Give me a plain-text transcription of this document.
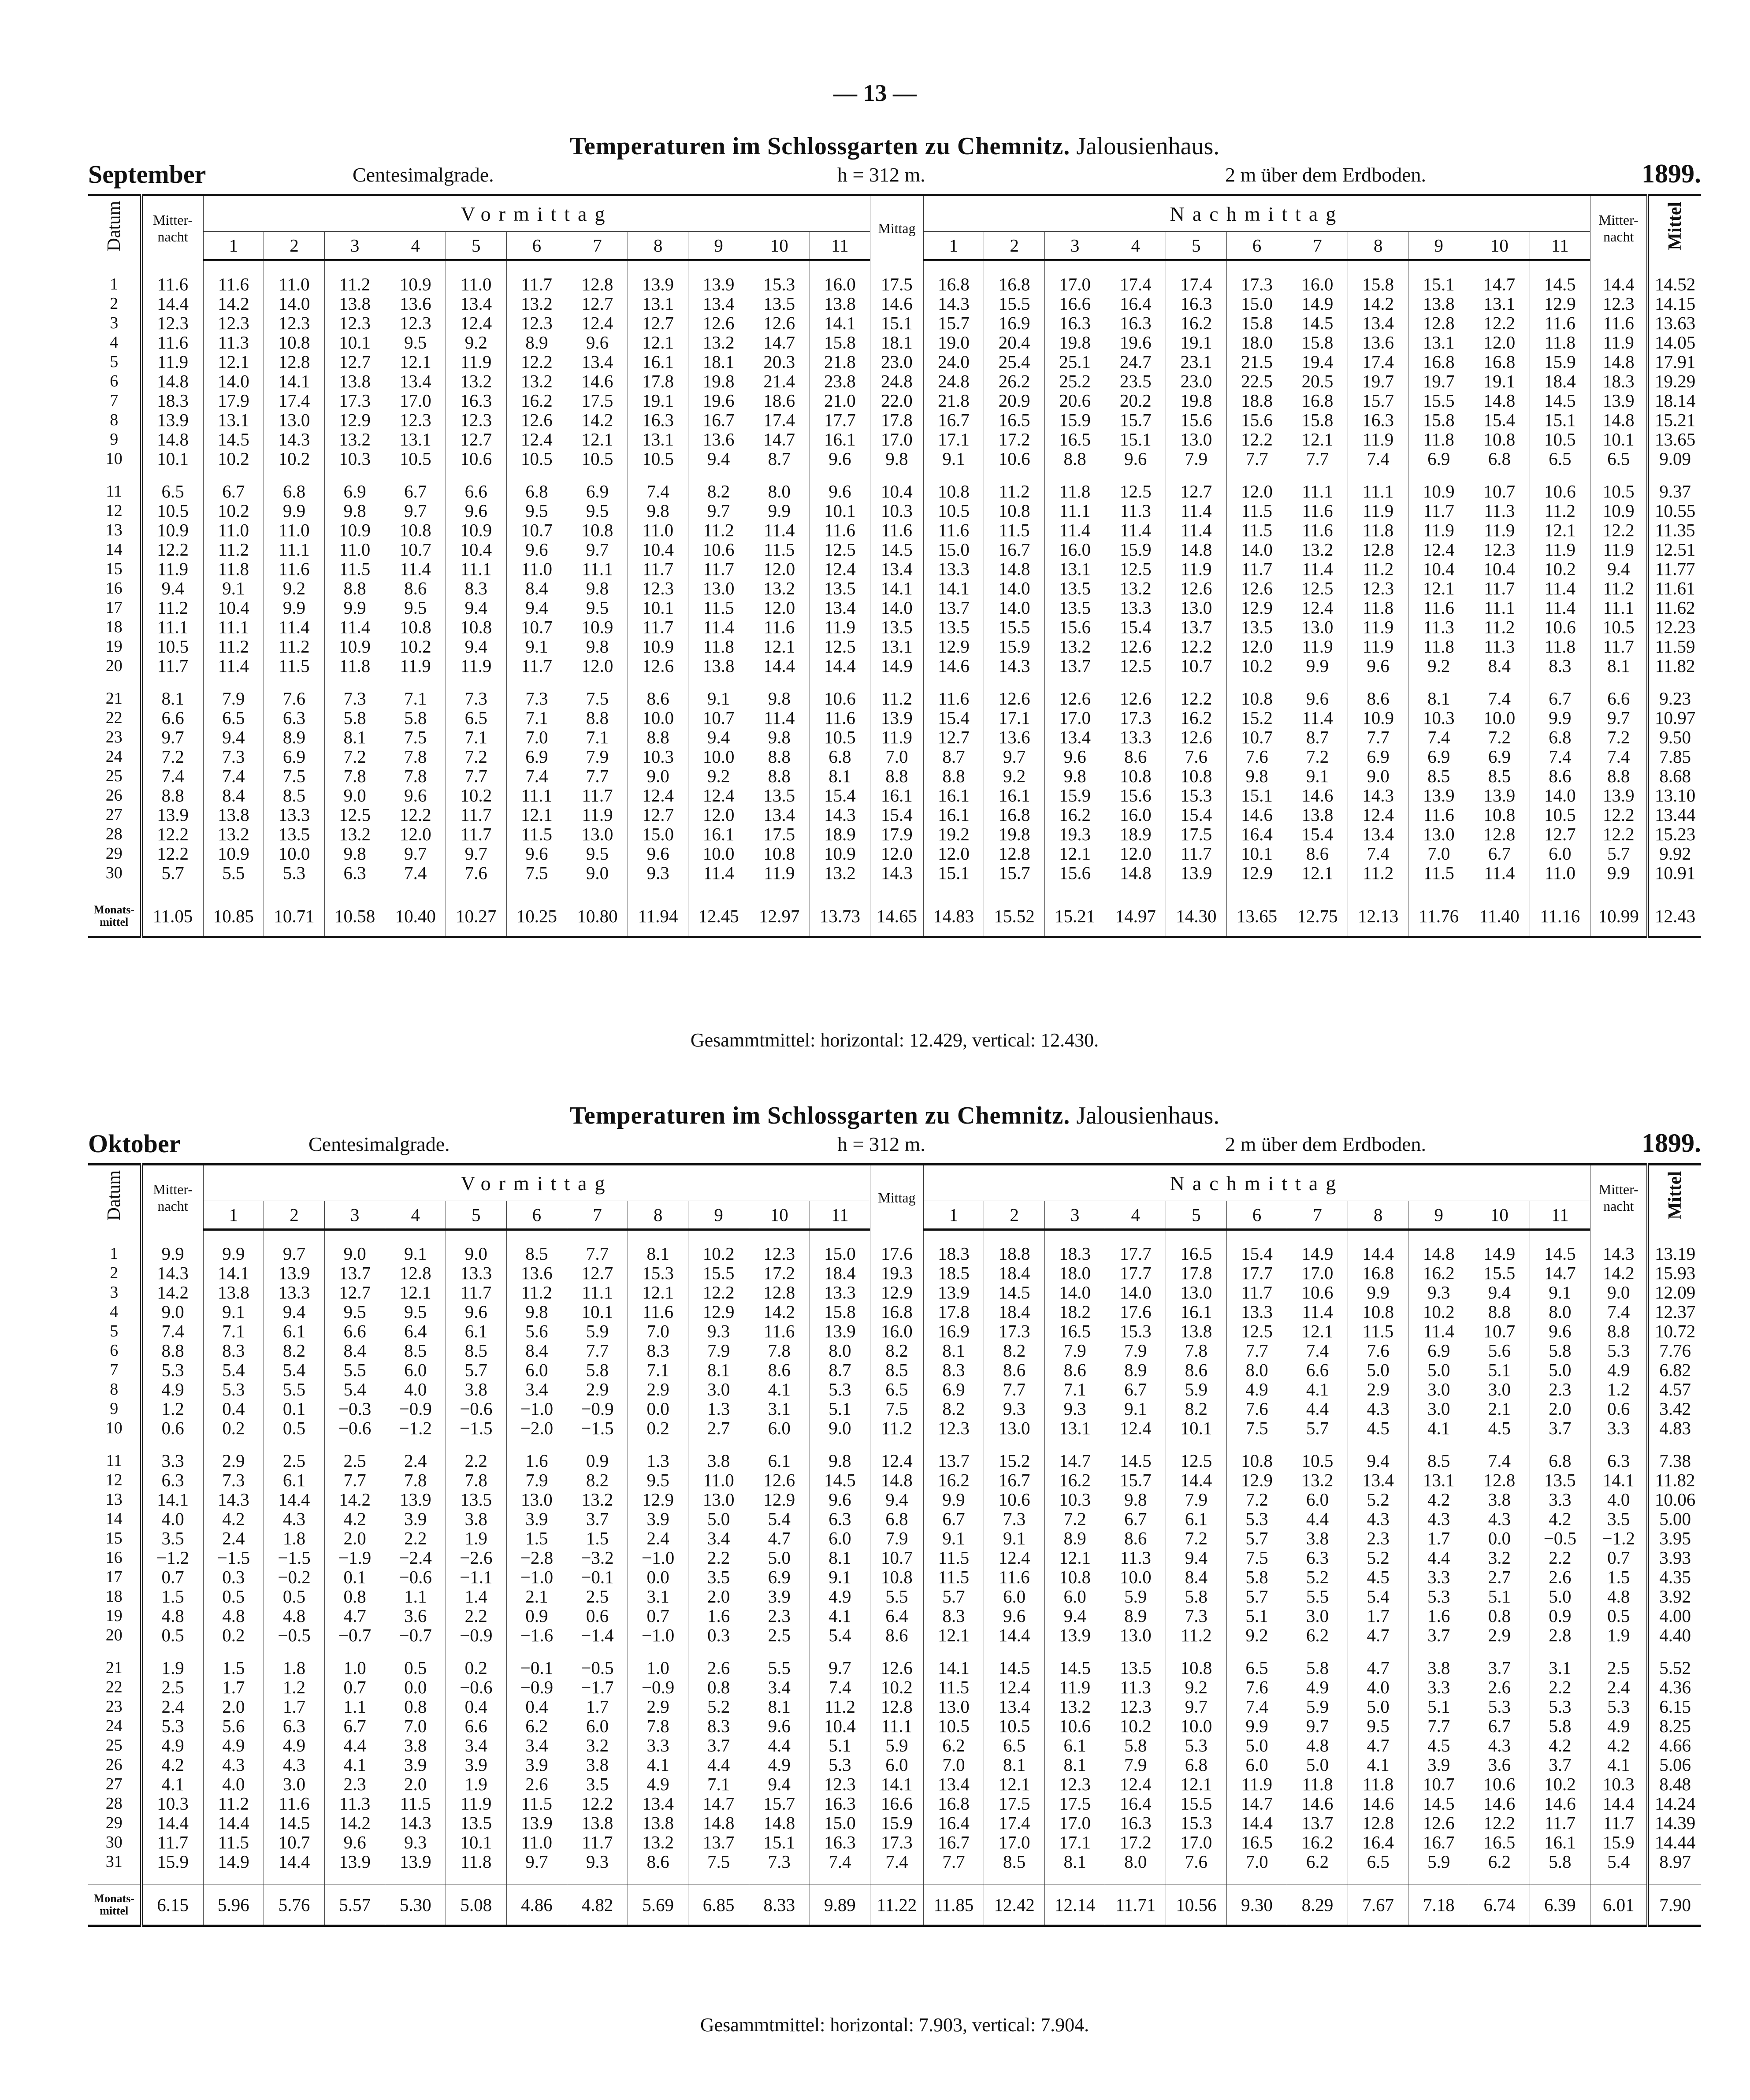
— 13 —
Temperaturen im Schlossgarten zu Chemnitz. Jalousienhaus.
September	Centesimalgrade.	h = 312 m.	2 m über dem Erdboden.	1899.
Datum	Mitter-nacht	Vormittag											Mittag	Nachmittag											Mitter-nacht	Mittel
		1	2	3	4	5	6	7	8	9	10	11		1	2	3	4	5	6	7	8	9	10	11		

1	11.6	11.6	11.0	11.2	10.9	11.0	11.7	12.8	13.9	13.9	15.3	16.0	17.5	16.8	16.8	17.0	17.4	17.4	17.3	16.0	15.8	15.1	14.7	14.5	14.4	14.52
2	14.4	14.2	14.0	13.8	13.6	13.4	13.2	12.7	13.1	13.4	13.5	13.8	14.6	14.3	15.5	16.6	16.4	16.3	15.0	14.9	14.2	13.8	13.1	12.9	12.3	14.15
3	12.3	12.3	12.3	12.3	12.3	12.4	12.3	12.4	12.7	12.6	12.6	14.1	15.1	15.7	16.9	16.3	16.3	16.2	15.8	14.5	13.4	12.8	12.2	11.6	11.6	13.63
4	11.6	11.3	10.8	10.1	9.5	9.2	8.9	9.6	12.1	13.2	14.7	15.8	18.1	19.0	20.4	19.8	19.6	19.1	18.0	15.8	13.6	13.1	12.0	11.8	11.9	14.05
5	11.9	12.1	12.8	12.7	12.1	11.9	12.2	13.4	16.1	18.1	20.3	21.8	23.0	24.0	25.4	25.1	24.7	23.1	21.5	19.4	17.4	16.8	16.8	15.9	14.8	17.91
6	14.8	14.0	14.1	13.8	13.4	13.2	13.2	14.6	17.8	19.8	21.4	23.8	24.8	24.8	26.2	25.2	23.5	23.0	22.5	20.5	19.7	19.7	19.1	18.4	18.3	19.29
7	18.3	17.9	17.4	17.3	17.0	16.3	16.2	17.5	19.1	19.6	18.6	21.0	22.0	21.8	20.9	20.6	20.2	19.8	18.8	16.8	15.7	15.5	14.8	14.5	13.9	18.14
8	13.9	13.1	13.0	12.9	12.3	12.3	12.6	14.2	16.3	16.7	17.4	17.7	17.8	16.7	16.5	15.9	15.7	15.6	15.6	15.8	16.3	15.8	15.4	15.1	14.8	15.21
9	14.8	14.5	14.3	13.2	13.1	12.7	12.4	12.1	13.1	13.6	14.7	16.1	17.0	17.1	17.2	16.5	15.1	13.0	12.2	12.1	11.9	11.8	10.8	10.5	10.1	13.65
10	10.1	10.2	10.2	10.3	10.5	10.6	10.5	10.5	10.5	9.4	8.7	9.6	9.8	9.1	10.6	8.8	9.6	7.9	7.7	7.7	7.4	6.9	6.8	6.5	6.5	9.09

11	6.5	6.7	6.8	6.9	6.7	6.6	6.8	6.9	7.4	8.2	8.0	9.6	10.4	10.8	11.2	11.8	12.5	12.7	12.0	11.1	11.1	10.9	10.7	10.6	10.5	9.37
12	10.5	10.2	9.9	9.8	9.7	9.6	9.5	9.5	9.8	9.7	9.9	10.1	10.3	10.5	10.8	11.1	11.3	11.4	11.5	11.6	11.9	11.7	11.3	11.2	10.9	10.55
13	10.9	11.0	11.0	10.9	10.8	10.9	10.7	10.8	11.0	11.2	11.4	11.6	11.6	11.6	11.5	11.4	11.4	11.4	11.5	11.6	11.8	11.9	11.9	12.1	12.2	11.35
14	12.2	11.2	11.1	11.0	10.7	10.4	9.6	9.7	10.4	10.6	11.5	12.5	14.5	15.0	16.7	16.0	15.9	14.8	14.0	13.2	12.8	12.4	12.3	11.9	11.9	12.51
15	11.9	11.8	11.6	11.5	11.4	11.1	11.0	11.1	11.7	11.7	12.0	12.4	13.4	13.3	14.8	13.1	12.5	11.9	11.7	11.4	11.2	10.4	10.4	10.2	9.4	11.77
16	9.4	9.1	9.2	8.8	8.6	8.3	8.4	9.8	12.3	13.0	13.2	13.5	14.1	14.1	14.0	13.5	13.2	12.6	12.6	12.5	12.3	12.1	11.7	11.4	11.2	11.61
17	11.2	10.4	9.9	9.9	9.5	9.4	9.4	9.5	10.1	11.5	12.0	13.4	14.0	13.7	14.0	13.5	13.3	13.0	12.9	12.4	11.8	11.6	11.1	11.4	11.1	11.62
18	11.1	11.1	11.4	11.4	10.8	10.8	10.7	10.9	11.7	11.4	11.6	11.9	13.5	13.5	15.5	15.6	15.4	13.7	13.5	13.0	11.9	11.3	11.2	10.6	10.5	12.23
19	10.5	11.2	11.2	10.9	10.2	9.4	9.1	9.8	10.9	11.8	12.1	12.5	13.1	12.9	15.9	13.2	12.6	12.2	12.0	11.9	11.9	11.8	11.3	11.8	11.7	11.59
20	11.7	11.4	11.5	11.8	11.9	11.9	11.7	12.0	12.6	13.8	14.4	14.4	14.9	14.6	14.3	13.7	12.5	10.7	10.2	9.9	9.6	9.2	8.4	8.3	8.1	11.82

21	8.1	7.9	7.6	7.3	7.1	7.3	7.3	7.5	8.6	9.1	9.8	10.6	11.2	11.6	12.6	12.6	12.6	12.2	10.8	9.6	8.6	8.1	7.4	6.7	6.6	9.23
22	6.6	6.5	6.3	5.8	5.8	6.5	7.1	8.8	10.0	10.7	11.4	11.6	13.9	15.4	17.1	17.0	17.3	16.2	15.2	11.4	10.9	10.3	10.0	9.9	9.7	10.97
23	9.7	9.4	8.9	8.1	7.5	7.1	7.0	7.1	8.8	9.4	9.8	10.5	11.9	12.7	13.6	13.4	13.3	12.6	10.7	8.7	7.7	7.4	7.2	6.8	7.2	9.50
24	7.2	7.3	6.9	7.2	7.8	7.2	6.9	7.9	10.3	10.0	8.8	6.8	7.0	8.7	9.7	9.6	8.6	7.6	7.6	7.2	6.9	6.9	6.9	7.4	7.4	7.85
25	7.4	7.4	7.5	7.8	7.8	7.7	7.4	7.7	9.0	9.2	8.8	8.1	8.8	8.8	9.2	9.8	10.8	10.8	9.8	9.1	9.0	8.5	8.5	8.6	8.8	8.68
26	8.8	8.4	8.5	9.0	9.6	10.2	11.1	11.7	12.4	12.4	13.5	15.4	16.1	16.1	16.1	15.9	15.6	15.3	15.1	14.6	14.3	13.9	13.9	14.0	13.9	13.10
27	13.9	13.8	13.3	12.5	12.2	11.7	12.1	11.9	12.7	12.0	13.4	14.3	15.4	16.1	16.8	16.2	16.0	15.4	14.6	13.8	12.4	11.6	10.8	10.5	12.2	13.44
28	12.2	13.2	13.5	13.2	12.0	11.7	11.5	13.0	15.0	16.1	17.5	18.9	17.9	19.2	19.8	19.3	18.9	17.5	16.4	15.4	13.4	13.0	12.8	12.7	12.2	15.23
29	12.2	10.9	10.0	9.8	9.7	9.7	9.6	9.5	9.6	10.0	10.8	10.9	12.0	12.0	12.8	12.1	12.0	11.7	10.1	8.6	7.4	7.0	6.7	6.0	5.7	9.92
30	5.7	5.5	5.3	6.3	7.4	7.6	7.5	9.0	9.3	11.4	11.9	13.2	14.3	15.1	15.7	15.6	14.8	13.9	12.9	12.1	11.2	11.5	11.4	11.0	9.9	10.91

Monats-mittel	11.05	10.85	10.71	10.58	10.40	10.27	10.25	10.80	11.94	12.45	12.97	13.73	14.65	14.83	15.52	15.21	14.97	14.30	13.65	12.75	12.13	11.76	11.40	11.16	10.99	12.43
Gesammtmittel: horizontal: 12.429, vertical: 12.430.
Temperaturen im Schlossgarten zu Chemnitz. Jalousienhaus.
Oktober	Centesimalgrade.	h = 312 m.	2 m über dem Erdboden.	1899.
Datum	Mitter-nacht	Vormittag											Mittag	Nachmittag											Mitter-nacht	Mittel
		1	2	3	4	5	6	7	8	9	10	11		1	2	3	4	5	6	7	8	9	10	11		

1	9.9	9.9	9.7	9.0	9.1	9.0	8.5	7.7	8.1	10.2	12.3	15.0	17.6	18.3	18.8	18.3	17.7	16.5	15.4	14.9	14.4	14.8	14.9	14.5	14.3	13.19
2	14.3	14.1	13.9	13.7	12.8	13.3	13.6	12.7	15.3	15.5	17.2	18.4	19.3	18.5	18.4	18.0	17.7	17.8	17.7	17.0	16.8	16.2	15.5	14.7	14.2	15.93
3	14.2	13.8	13.3	12.7	12.1	11.7	11.2	11.1	12.1	12.2	12.8	13.3	12.9	13.9	14.5	14.0	14.0	13.0	11.7	10.6	9.9	9.3	9.4	9.1	9.0	12.09
4	9.0	9.1	9.4	9.5	9.5	9.6	9.8	10.1	11.6	12.9	14.2	15.8	16.8	17.8	18.4	18.2	17.6	16.1	13.3	11.4	10.8	10.2	8.8	8.0	7.4	12.37
5	7.4	7.1	6.1	6.6	6.4	6.1	5.6	5.9	7.0	9.3	11.6	13.9	16.0	16.9	17.3	16.5	15.3	13.8	12.5	12.1	11.5	11.4	10.7	9.6	8.8	10.72
6	8.8	8.3	8.2	8.4	8.5	8.5	8.4	7.7	8.3	7.9	7.8	8.0	8.2	8.1	8.2	7.9	7.9	7.8	7.7	7.4	7.6	6.9	5.6	5.8	5.3	7.76
7	5.3	5.4	5.4	5.5	6.0	5.7	6.0	5.8	7.1	8.1	8.6	8.7	8.5	8.3	8.6	8.6	8.9	8.6	8.0	6.6	5.0	5.0	5.1	5.0	4.9	6.82
8	4.9	5.3	5.5	5.4	4.0	3.8	3.4	2.9	2.9	3.0	4.1	5.3	6.5	6.9	7.7	7.1	6.7	5.9	4.9	4.1	2.9	3.0	3.0	2.3	1.2	4.57
9	1.2	0.4	0.1	−0.3	−0.9	−0.6	−1.0	−0.9	0.0	1.3	3.1	5.1	7.5	8.2	9.3	9.3	9.1	8.2	7.6	4.4	4.3	3.0	2.1	2.0	0.6	3.42
10	0.6	0.2	0.5	−0.6	−1.2	−1.5	−2.0	−1.5	0.2	2.7	6.0	9.0	11.2	12.3	13.0	13.1	12.4	10.1	7.5	5.7	4.5	4.1	4.5	3.7	3.3	4.83

11	3.3	2.9	2.5	2.5	2.4	2.2	1.6	0.9	1.3	3.8	6.1	9.8	12.4	13.7	15.2	14.7	14.5	12.5	10.8	10.5	9.4	8.5	7.4	6.8	6.3	7.38
12	6.3	7.3	6.1	7.7	7.8	7.8	7.9	8.2	9.5	11.0	12.6	14.5	14.8	16.2	16.7	16.2	15.7	14.4	12.9	13.2	13.4	13.1	12.8	13.5	14.1	11.82
13	14.1	14.3	14.4	14.2	13.9	13.5	13.0	13.2	12.9	13.0	12.9	9.6	9.4	9.9	10.6	10.3	9.8	7.9	7.2	6.0	5.2	4.2	3.8	3.3	4.0	10.06
14	4.0	4.2	4.3	4.2	3.9	3.8	3.9	3.7	3.9	5.0	5.4	6.3	6.8	6.7	7.3	7.2	6.7	6.1	5.3	4.4	4.3	4.3	4.3	4.2	3.5	5.00
15	3.5	2.4	1.8	2.0	2.2	1.9	1.5	1.5	2.4	3.4	4.7	6.0	7.9	9.1	9.1	8.9	8.6	7.2	5.7	3.8	2.3	1.7	0.0	−0.5	−1.2	3.95
16	−1.2	−1.5	−1.5	−1.9	−2.4	−2.6	−2.8	−3.2	−1.0	2.2	5.0	8.1	10.7	11.5	12.4	12.1	11.3	9.4	7.5	6.3	5.2	4.4	3.2	2.2	0.7	3.93
17	0.7	0.3	−0.2	0.1	−0.6	−1.1	−1.0	−0.1	0.0	3.5	6.9	9.1	10.8	11.5	11.6	10.8	10.0	8.4	5.8	5.2	4.5	3.3	2.7	2.6	1.5	4.35
18	1.5	0.5	0.5	0.8	1.1	1.4	2.1	2.5	3.1	2.0	3.9	4.9	5.5	5.7	6.0	6.0	5.9	5.8	5.7	5.5	5.4	5.3	5.1	5.0	4.8	3.92
19	4.8	4.8	4.8	4.7	3.6	2.2	0.9	0.6	0.7	1.6	2.3	4.1	6.4	8.3	9.6	9.4	8.9	7.3	5.1	3.0	1.7	1.6	0.8	0.9	0.5	4.00
20	0.5	0.2	−0.5	−0.7	−0.7	−0.9	−1.6	−1.4	−1.0	0.3	2.5	5.4	8.6	12.1	14.4	13.9	13.0	11.2	9.2	6.2	4.7	3.7	2.9	2.8	1.9	4.40

21	1.9	1.5	1.8	1.0	0.5	0.2	−0.1	−0.5	1.0	2.6	5.5	9.7	12.6	14.1	14.5	14.5	13.5	10.8	6.5	5.8	4.7	3.8	3.7	3.1	2.5	5.52
22	2.5	1.7	1.2	0.7	0.0	−0.6	−0.9	−1.7	−0.9	0.8	3.4	7.4	10.2	11.5	12.4	11.9	11.3	9.2	7.6	4.9	4.0	3.3	2.6	2.2	2.4	4.36
23	2.4	2.0	1.7	1.1	0.8	0.4	0.4	1.7	2.9	5.2	8.1	11.2	12.8	13.0	13.4	13.2	12.3	9.7	7.4	5.9	5.0	5.1	5.3	5.3	5.3	6.15
24	5.3	5.6	6.3	6.7	7.0	6.6	6.2	6.0	7.8	8.3	9.6	10.4	11.1	10.5	10.5	10.6	10.2	10.0	9.9	9.7	9.5	7.7	6.7	5.8	4.9	8.25
25	4.9	4.9	4.9	4.4	3.8	3.4	3.4	3.2	3.3	3.7	4.4	5.1	5.9	6.2	6.5	6.1	5.8	5.3	5.0	4.8	4.7	4.5	4.3	4.2	4.2	4.66
26	4.2	4.3	4.3	4.1	3.9	3.9	3.9	3.8	4.1	4.4	4.9	5.3	6.0	7.0	8.1	8.1	7.9	6.8	6.0	5.0	4.1	3.9	3.6	3.7	4.1	5.06
27	4.1	4.0	3.0	2.3	2.0	1.9	2.6	3.5	4.9	7.1	9.4	12.3	14.1	13.4	12.1	12.3	12.4	12.1	11.9	11.8	11.8	10.7	10.6	10.2	10.3	8.48
28	10.3	11.2	11.6	11.3	11.5	11.9	11.5	12.2	13.4	14.7	15.7	16.3	16.6	16.8	17.5	17.5	16.4	15.5	14.7	14.6	14.6	14.5	14.6	14.6	14.4	14.24
29	14.4	14.4	14.5	14.2	14.3	13.5	13.9	13.8	13.8	14.8	14.8	15.0	15.9	16.4	17.4	17.0	16.3	15.3	14.4	13.7	12.8	12.6	12.2	11.7	11.7	14.39
30	11.7	11.5	10.7	9.6	9.3	10.1	11.0	11.7	13.2	13.7	15.1	16.3	17.3	16.7	17.0	17.1	17.2	17.0	16.5	16.2	16.4	16.7	16.5	16.1	15.9	14.44
31	15.9	14.9	14.4	13.9	13.9	11.8	9.7	9.3	8.6	7.5	7.3	7.4	7.4	7.7	8.5	8.1	8.0	7.6	7.0	6.2	6.5	5.9	6.2	5.8	5.4	8.97

Monats-mittel	6.15	5.96	5.76	5.57	5.30	5.08	4.86	4.82	5.69	6.85	8.33	9.89	11.22	11.85	12.42	12.14	11.71	10.56	9.30	8.29	7.67	7.18	6.74	6.39	6.01	7.90
Gesammtmittel: horizontal: 7.903, vertical: 7.904.
